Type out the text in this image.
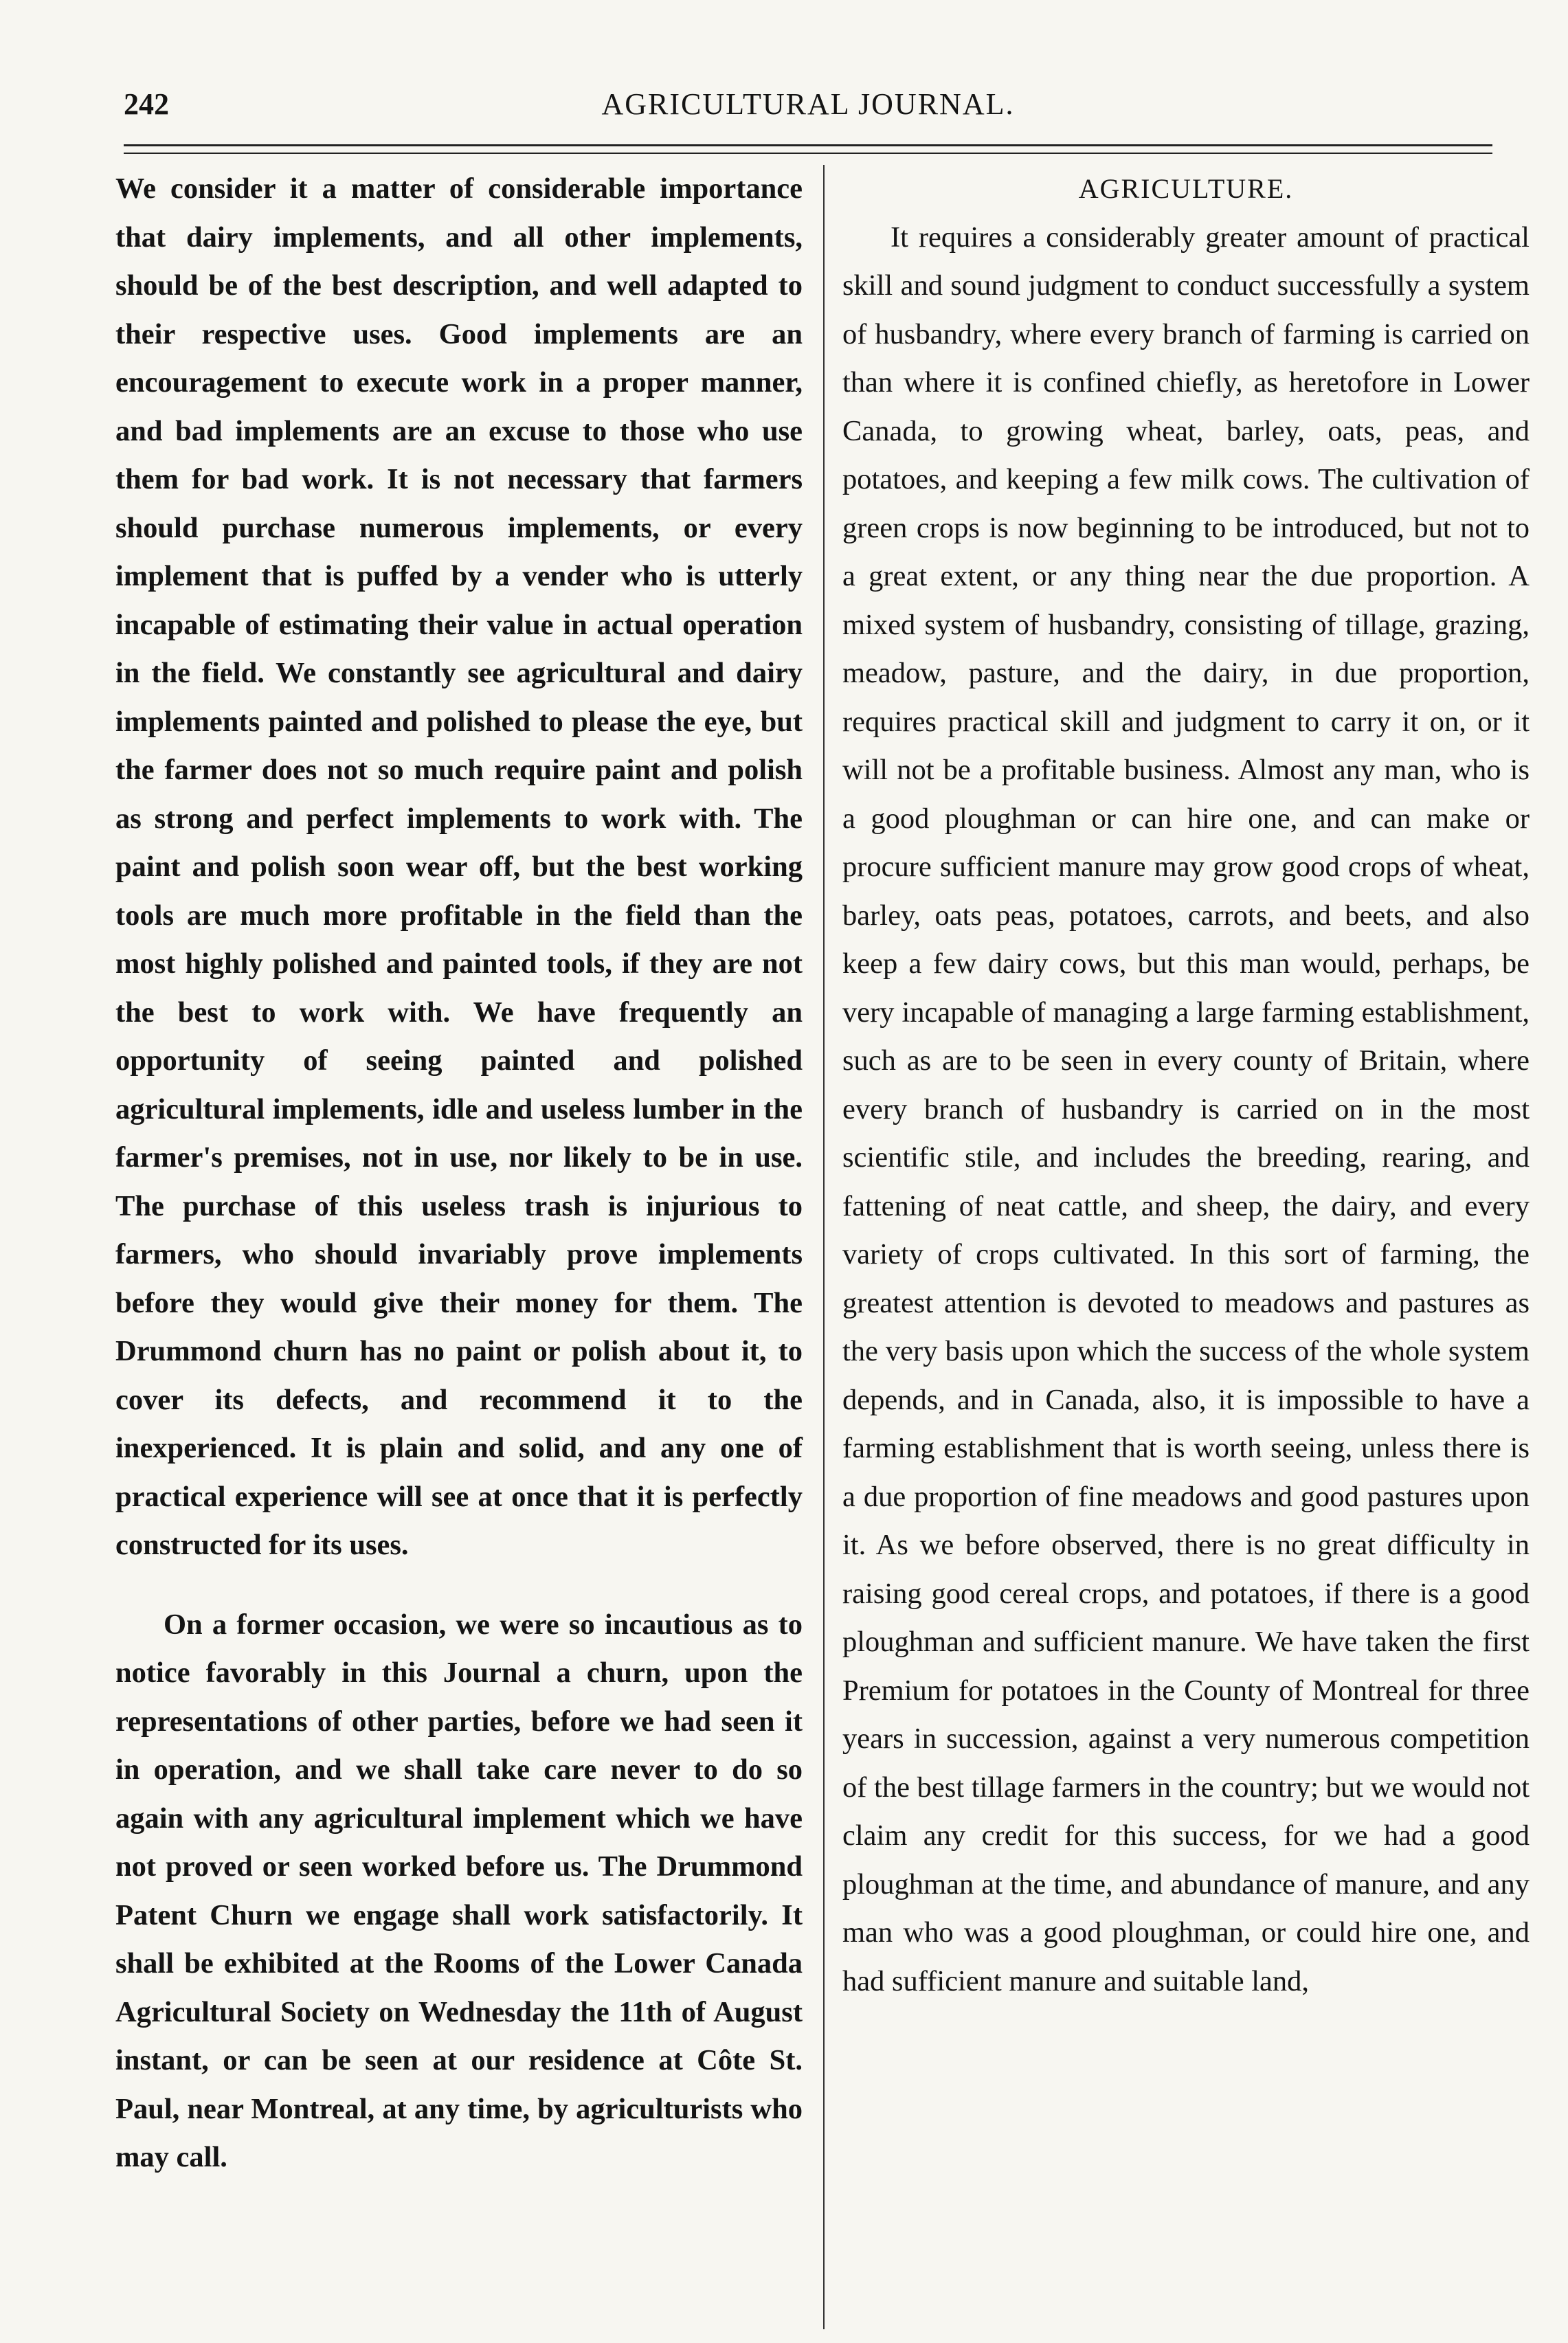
242	AGRICULTURAL JOURNAL.

We consider it a matter of considerable importance that dairy implements, and all other implements, should be of the best description, and well adapted to their respective uses. Good implements are an encouragement to execute work in a proper manner, and bad implements are an excuse to those who use them for bad work. It is not necessary that farmers should purchase numerous implements, or every implement that is puffed by a vender who is utterly incapable of estimating their value in actual operation in the field. We constantly see agricultural and dairy implements painted and polished to please the eye, but the farmer does not so much require paint and polish as strong and perfect implements to work with. The paint and polish soon wear off, but the best working tools are much more profitable in the field than the most highly polished and painted tools, if they are not the best to work with. We have frequently an opportunity of seeing painted and polished agricultural implements, idle and useless lumber in the farmer's premises, not in use, nor likely to be in use. The purchase of this useless trash is injurious to farmers, who should invariably prove implements before they would give their money for them. The Drummond churn has no paint or polish about it, to cover its defects, and recommend it to the inexperienced. It is plain and solid, and any one of practical experience will see at once that it is perfectly constructed for its uses.

On a former occasion, we were so incautious as to notice favorably in this Journal a churn, upon the representations of other parties, before we had seen it in operation, and we shall take care never to do so again with any agricultural implement which we have not proved or seen worked before us. The Drummond Patent Churn we engage shall work satisfactorily. It shall be exhibited at the Rooms of the Lower Canada Agricultural Society on Wednesday the 11th of August instant, or can be seen at our residence at Côte St. Paul, near Montreal, at any time, by agriculturists who may call.

AGRICULTURE.

It requires a considerably greater amount of practical skill and sound judgment to conduct successfully a system of husbandry, where every branch of farming is carried on than where it is confined chiefly, as heretofore in Lower Canada, to growing wheat, barley, oats, peas, and potatoes, and keeping a few milk cows. The cultivation of green crops is now beginning to be introduced, but not to a great extent, or any thing near the due proportion. A mixed system of husbandry, consisting of tillage, grazing, meadow, pasture, and the dairy, in due proportion, requires practical skill and judgment to carry it on, or it will not be a profitable business. Almost any man, who is a good ploughman or can hire one, and can make or procure sufficient manure may grow good crops of wheat, barley, oats peas, potatoes, carrots, and beets, and also keep a few dairy cows, but this man would, perhaps, be very incapable of managing a large farming establishment, such as are to be seen in every county of Britain, where every branch of husbandry is carried on in the most scientific stile, and includes the breeding, rearing, and fattening of neat cattle, and sheep, the dairy, and every variety of crops cultivated. In this sort of farming, the greatest attention is devoted to meadows and pastures as the very basis upon which the success of the whole system depends, and in Canada, also, it is impossible to have a farming establishment that is worth seeing, unless there is a due proportion of fine meadows and good pastures upon it. As we before observed, there is no great difficulty in raising good cereal crops, and potatoes, if there is a good ploughman and sufficient manure. We have taken the first Premium for potatoes in the County of Montreal for three years in succession, against a very numerous competition of the best tillage farmers in the country; but we would not claim any credit for this success, for we had a good ploughman at the time, and abundance of manure, and any man who was a good ploughman, or could hire one, and had sufficient manure and suitable land,
